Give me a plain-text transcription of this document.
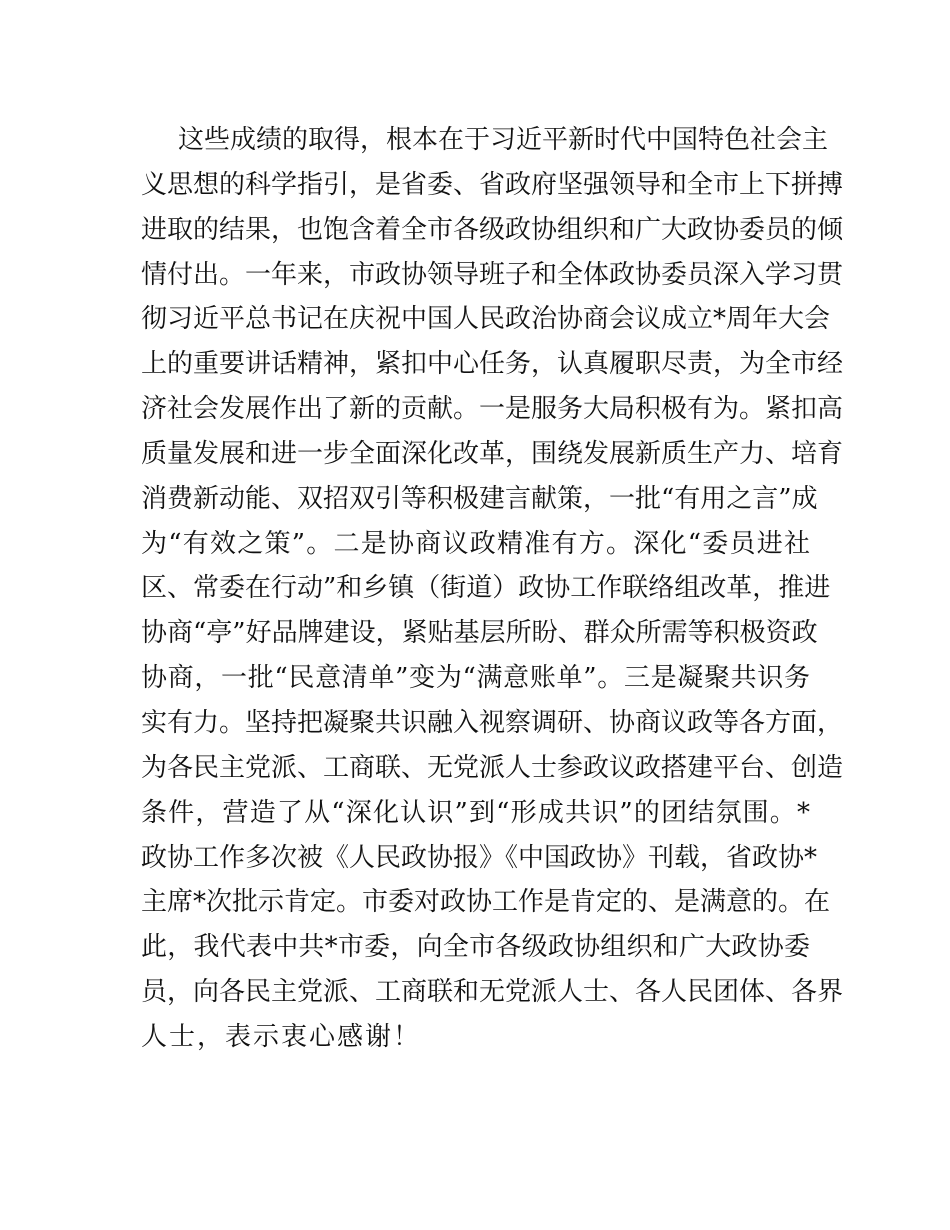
这些成绩的取得，根本在于习近平新时代中国特色社会主
义思想的科学指引，是省委、省政府坚强领导和全市上下拼搏
进取的结果，也饱含着全市各级政协组织和广大政协委员的倾
情付出。一年来，市政协领导班子和全体政协委员深入学习贯
彻习近平总书记在庆祝中国人民政治协商会议成立*周年大会
上的重要讲话精神，紧扣中心任务，认真履职尽责，为全市经
济社会发展作出了新的贡献。一是服务大局积极有为。紧扣高
质量发展和进一步全面深化改革，围绕发展新质生产力、培育
消费新动能、双招双引等积极建言献策，一批“有用之言”成
为“有效之策”。二是协商议政精准有方。深化“委员进社
区、常委在行动”和乡镇（街道）政协工作联络组改革，推进
协商“亭”好品牌建设，紧贴基层所盼、群众所需等积极资政
协商，一批“民意清单”变为“满意账单”。三是凝聚共识务
实有力。坚持把凝聚共识融入视察调研、协商议政等各方面，
为各民主党派、工商联、无党派人士参政议政搭建平台、创造
条件，营造了从“深化认识”到“形成共识”的团结氛围。*
政协工作多次被《人民政协报》《中国政协》刊载，省政协*
主席*次批示肯定。市委对政协工作是肯定的、是满意的。在
此，我代表中共*市委，向全市各级政协组织和广大政协委
员，向各民主党派、工商联和无党派人士、各人民团体、各界
人士，表示衷心感谢！
